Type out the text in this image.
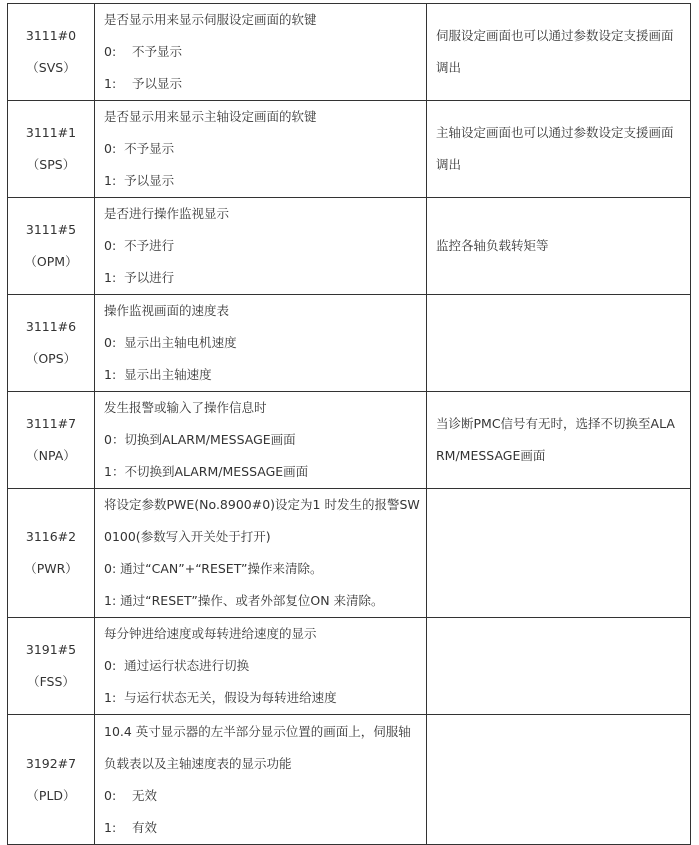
3111#0
（SVS）	是否显示用来显示伺服设定画面的软键
0:    不予显示
1:    予以显示	伺服设定画面也可以通过参数设定支援画面调出

3111#1
（SPS）	是否显示用来显示主轴设定画面的软键
0:  不予显示
1:  予以显示	主轴设定画面也可以通过参数设定支援画面调出

3111#5
（OPM）	是否进行操作监视显示
0:  不予进行
1:  予以进行	监控各轴负载转矩等

3111#6
（OPS）	操作监视画面的速度表
0:  显示出主轴电机速度
1:  显示出主轴速度	

3111#7
（NPA）	发生报警或输入了操作信息时
0：切换到ALARM/MESSAGE画面
1：不切换到ALARM/MESSAGE画面	当诊断PMC信号有无时，选择不切换至ALARM/MESSAGE画面

3116#2
（PWR）	将设定参数PWE(No.8900#0)设定为1 时发生的报警SW0100(参数写入开关处于打开)
0: 通过“CAN”+“RESET”操作来清除。
1: 通过“RESET”操作、或者外部复位ON 来清除。	

3191#5
（FSS）	每分钟进给速度或每转进给速度的显示
0:  通过运行状态进行切换
1:  与运行状态无关，假设为每转进给速度	

3192#7
（PLD）	10.4 英寸显示器的左半部分显示位置的画面上，伺服轴负载表以及主轴速度表的显示功能
0:    无效
1:    有效	
